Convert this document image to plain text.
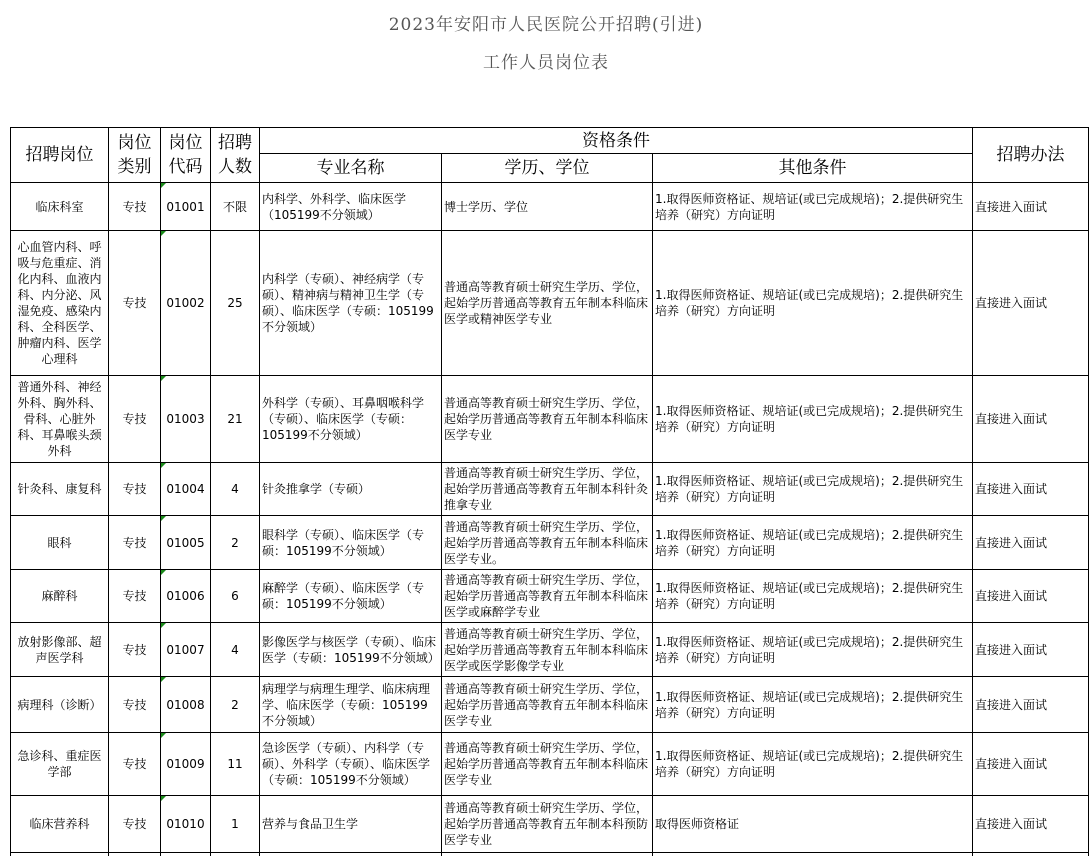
2023年安阳市人民医院公开招聘(引进)
工作人员岗位表
招聘岗位	岗位类别	岗位代码	招聘人数	资格条件			招聘办法
				专业名称	学历、学位	其他条件	
临床科室	专技	01001	不限	内科学、外科学、临床医学（105199不分领域）	博士学历、学位	1.取得医师资格证、规培证(或已完成规培)；2.提供研究生培养（研究）方向证明	直接进入面试
心血管内科、呼吸与危重症、消化内科、血液内科、内分泌、风湿免疫、感染内科、全科医学、肿瘤内科、医学心理科	专技	01002	25	内科学（专硕）、神经病学（专硕）、精神病与精神卫生学（专硕）、临床医学（专硕：105199不分领域）	普通高等教育硕士研究生学历、学位，起始学历普通高等教育五年制本科临床医学或精神医学专业	1.取得医师资格证、规培证(或已完成规培)；2.提供研究生培养（研究）方向证明	直接进入面试
普通外科、神经外科、胸外科、骨科、心脏外科、耳鼻喉头颈外科	专技	01003	21	外科学（专硕）、耳鼻咽喉科学（专硕）、临床医学（专硕：105199不分领域）	普通高等教育硕士研究生学历、学位，起始学历普通高等教育五年制本科临床医学专业	1.取得医师资格证、规培证(或已完成规培)；2.提供研究生培养（研究）方向证明	直接进入面试
针灸科、康复科	专技	01004	4	针灸推拿学（专硕）	普通高等教育硕士研究生学历、学位，起始学历普通高等教育五年制本科针灸推拿专业	1.取得医师资格证、规培证(或已完成规培)；2.提供研究生培养（研究）方向证明	直接进入面试
眼科	专技	01005	2	眼科学（专硕）、临床医学（专硕：105199不分领域）	普通高等教育硕士研究生学历、学位，起始学历普通高等教育五年制本科临床医学专业。	1.取得医师资格证、规培证(或已完成规培)；2.提供研究生培养（研究）方向证明	直接进入面试
麻醉科	专技	01006	6	麻醉学（专硕）、临床医学（专硕：105199不分领域）	普通高等教育硕士研究生学历、学位，起始学历普通高等教育五年制本科临床医学或麻醉学专业	1.取得医师资格证、规培证(或已完成规培)；2.提供研究生培养（研究）方向证明	直接进入面试
放射影像部、超声医学科	专技	01007	4	影像医学与核医学（专硕）、临床医学（专硕：105199不分领域）	普通高等教育硕士研究生学历、学位，起始学历普通高等教育五年制本科临床医学或医学影像学专业	1.取得医师资格证、规培证(或已完成规培)；2.提供研究生培养（研究）方向证明	直接进入面试
病理科（诊断）	专技	01008	2	病理学与病理生理学、临床病理学、临床医学（专硕：105199不分领域）	普通高等教育硕士研究生学历、学位，起始学历普通高等教育五年制本科临床医学专业	1.取得医师资格证、规培证(或已完成规培)；2.提供研究生培养（研究）方向证明	直接进入面试
急诊科、重症医学部	专技	01009	11	急诊医学（专硕）、内科学（专硕）、外科学（专硕）、临床医学（专硕：105199不分领域）	普通高等教育硕士研究生学历、学位，起始学历普通高等教育五年制本科临床医学专业	1.取得医师资格证、规培证(或已完成规培)；2.提供研究生培养（研究）方向证明	直接进入面试
临床营养科	专技	01010	1	营养与食品卫生学	普通高等教育硕士研究生学历、学位，起始学历普通高等教育五年制本科预防医学专业	取得医师资格证	直接进入面试
